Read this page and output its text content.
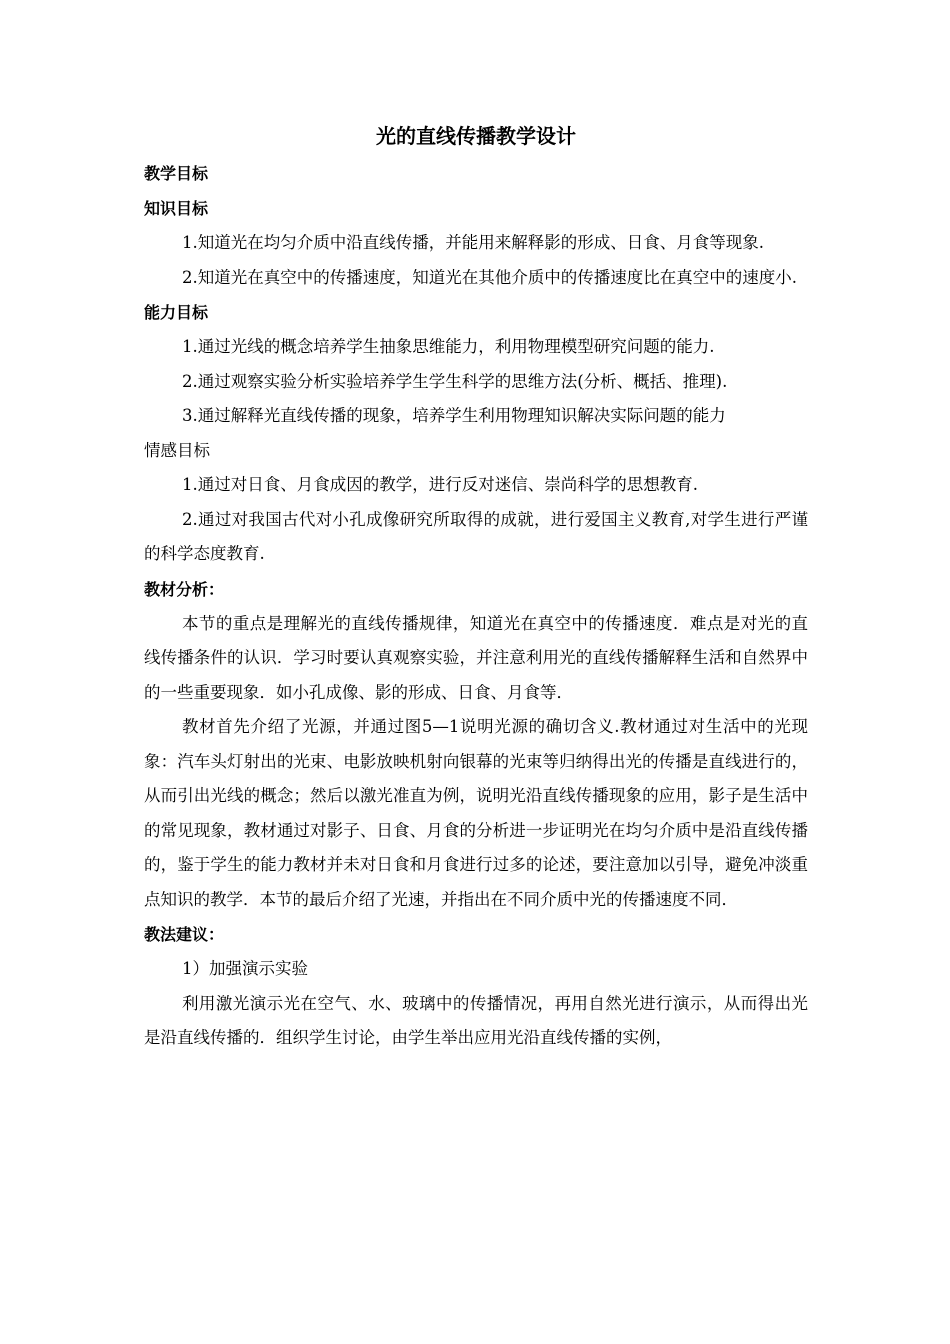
光的直线传播教学设计
教学目标
知识目标

1.知道光在均匀介质中沿直线传播，并能用来解释影的形成、日食、月食等现象.

2.知道光在真空中的传播速度，知道光在其他介质中的传播速度比在真空中的速度小.

能力目标

1.通过光线的概念培养学生抽象思维能力，利用物理模型研究问题的能力.

2.通过观察实验分析实验培养学生学生科学的思维方法(分析、概括、推理).

3.通过解释光直线传播的现象，培养学生利用物理知识解决实际问题的能力

情感目标

1.通过对日食、月食成因的教学，进行反对迷信、崇尚科学的思想教育.

2.通过对我国古代对小孔成像研究所取得的成就，进行爱国主义教育,对学生进行严谨的科学态度教育.

教材分析：

本节的重点是理解光的直线传播规律，知道光在真空中的传播速度．难点是对光的直线传播条件的认识．学习时要认真观察实验，并注意利用光的直线传播解释生活和自然界中的一些重要现象．如小孔成像、影的形成、日食、月食等．

教材首先介绍了光源，并通过图5—1说明光源的确切含义.教材通过对生活中的光现象：汽车头灯射出的光束、电影放映机射向银幕的光束等归纳得出光的传播是直线进行的，从而引出光线的概念；然后以激光准直为例，说明光沿直线传播现象的应用，影子是生活中的常见现象，教材通过对影子、日食、月食的分析进一步证明光在均匀介质中是沿直线传播的，鉴于学生的能力教材并未对日食和月食进行过多的论述，要注意加以引导，避免冲淡重点知识的教学．本节的最后介绍了光速，并指出在不同介质中光的传播速度不同．

教法建议：

1）加强演示实验

利用激光演示光在空气、水、玻璃中的传播情况，再用自然光进行演示，从而得出光是沿直线传播的．组织学生讨论，由学生举出应用光沿直线传播的实例，
